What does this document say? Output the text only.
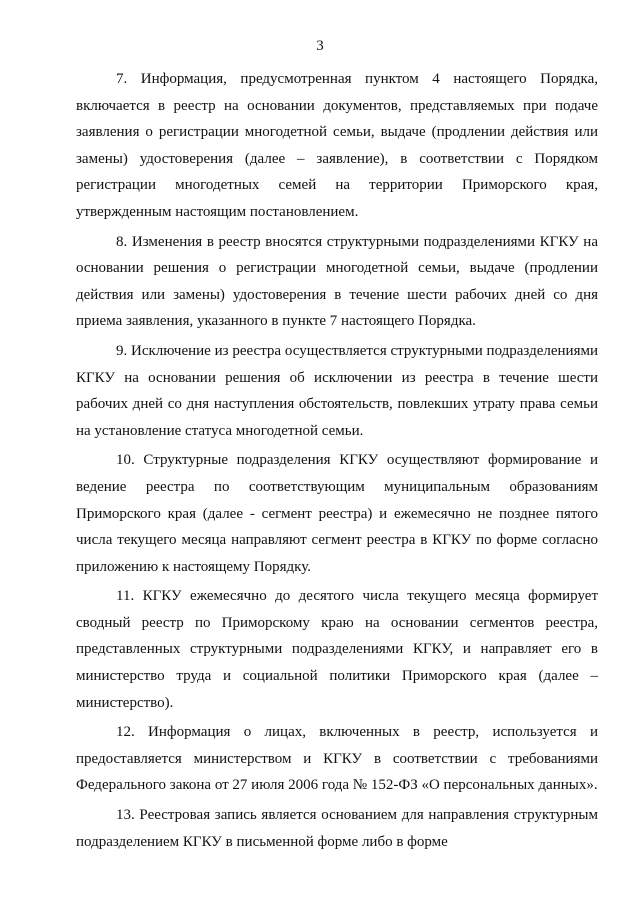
3

7. Информация, предусмотренная пунктом 4 настоящего Порядка, включается в реестр на основании документов, представляемых при подаче заявления о регистрации многодетной семьи, выдаче (продлении действия или замены) удостоверения (далее – заявление), в соответствии с Порядком регистрации многодетных семей на территории Приморского края, утвержденным настоящим постановлением.

8. Изменения в реестр вносятся структурными подразделениями КГКУ на основании решения о регистрации многодетной семьи, выдаче (продлении действия или замены) удостоверения в течение шести рабочих дней со дня приема заявления, указанного в пункте 7 настоящего Порядка.

9. Исключение из реестра осуществляется структурными подразделениями КГКУ на основании решения об исключении из реестра в течение шести рабочих дней со дня наступления обстоятельств, повлекших утрату права семьи на установление статуса многодетной семьи.

10. Структурные подразделения КГКУ осуществляют формирование и ведение реестра по соответствующим муниципальным образованиям Приморского края (далее - сегмент реестра) и ежемесячно не позднее пятого числа текущего месяца направляют сегмент реестра в КГКУ по форме согласно приложению к настоящему Порядку.

11. КГКУ ежемесячно до десятого числа текущего месяца формирует сводный реестр по Приморскому краю на основании сегментов реестра, представленных структурными подразделениями КГКУ, и направляет его в министерство труда и социальной политики Приморского края (далее – министерство).

12. Информация о лицах, включенных в реестр, используется и предоставляется министерством и КГКУ в соответствии с требованиями Федерального закона от 27 июля 2006 года № 152-ФЗ «О персональных данных».

13. Реестровая запись является основанием для направления структурным подразделением КГКУ в письменной форме либо в форме
